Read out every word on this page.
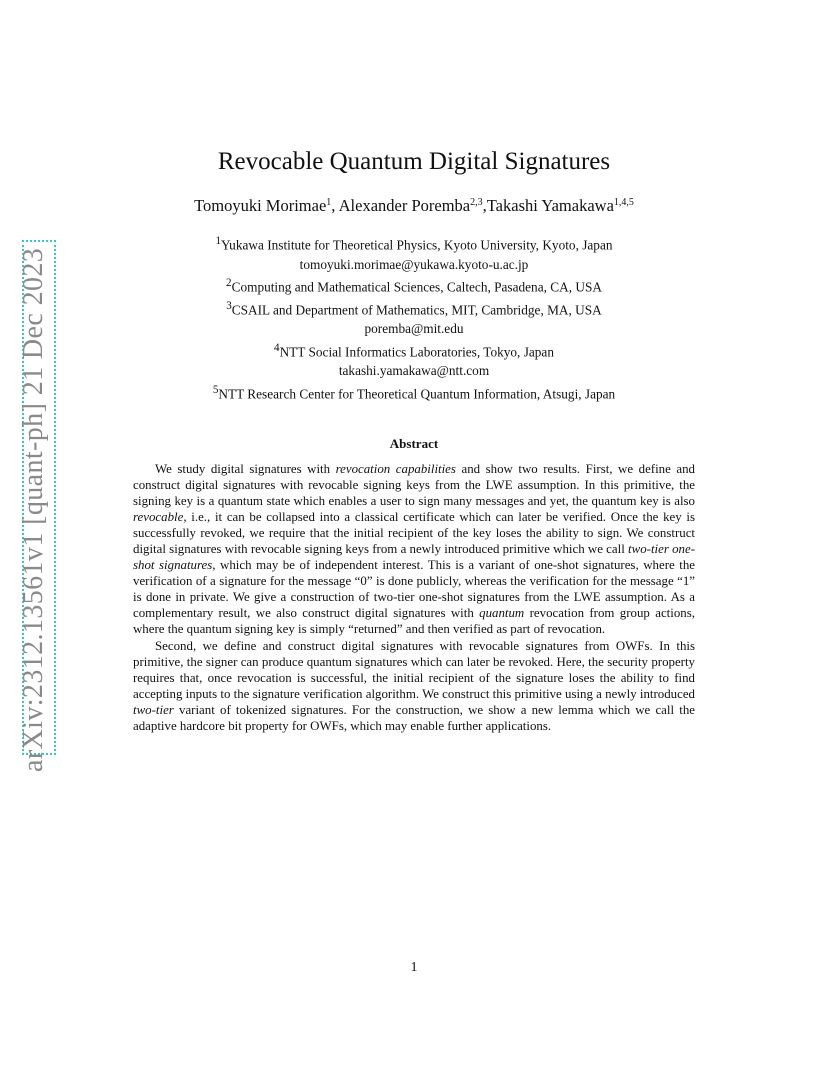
arXiv:2312.13561v1 [quant-ph] 21 Dec 2023
Revocable Quantum Digital Signatures
Tomoyuki Morimae$^1$, Alexander Poremba$^{2,3}$,Takashi Yamakawa$^{1,4,5}$
$^1$Yukawa Institute for Theoretical Physics, Kyoto University, Kyoto, Japan
tomoyuki.morimae@yukawa.kyoto-u.ac.jp
$^2$Computing and Mathematical Sciences, Caltech, Pasadena, CA, USA
$^3$CSAIL and Department of Mathematics, MIT, Cambridge, MA, USA
poremba@mit.edu
$^4$NTT Social Informatics Laboratories, Tokyo, Japan
takashi.yamakawa@ntt.com
$^5$NTT Research Center for Theoretical Quantum Information, Atsugi, Japan
Abstract

We study digital signatures with revocation capabilities and show two results. First, we define and construct digital signatures with revocable signing keys from the LWE assumption. In this primitive, the signing key is a quantum state which enables a user to sign many messages and yet, the quantum key is also revocable, i.e., it can be collapsed into a classical certificate which can later be verified. Once the key is successfully revoked, we require that the initial recipient of the key loses the ability to sign. We construct digital signatures with revocable signing keys from a newly introduced primitive which we call two-tier one-shot signatures, which may be of independent interest. This is a variant of one-shot signatures, where the verification of a signature for the message “0” is done publicly, whereas the verification for the message “1” is done in private. We give a construction of two-tier one-shot signatures from the LWE assumption. As a complementary result, we also construct digital signatures with quantum revocation from group actions, where the quantum signing key is simply “returned” and then verified as part of revocation.

Second, we define and construct digital signatures with revocable signatures from OWFs. In this primitive, the signer can produce quantum signatures which can later be revoked. Here, the security property requires that, once revocation is successful, the initial recipient of the signature loses the ability to find accepting inputs to the signature verification algorithm. We construct this primitive using a newly introduced two-tier variant of tokenized signatures. For the construction, we show a new lemma which we call the adaptive hardcore bit property for OWFs, which may enable further applications.

1
